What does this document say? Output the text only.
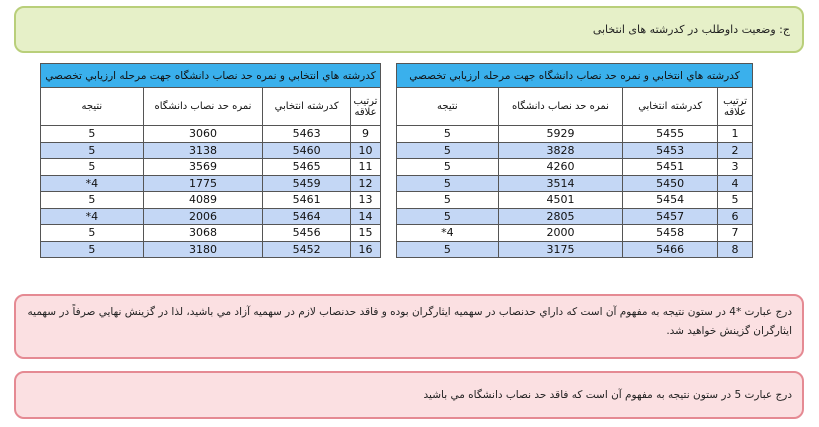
ج: وضعیت داوطلب در کدرشته های انتخابی
کدرشته هاي انتخابي و نمره حد نصاب دانشگاه جهت مرحله ارزيابي تخصصي			
ترتیب علاقه	کدرشته انتخابي	نمره حد نصاب دانشگاه	نتيجه
1	5455	5929	5
2	5453	3828	5
3	5451	4260	5
4	5450	3514	5
5	5454	4501	5
6	5457	2805	5
7	5458	2000	4*
8	5466	3175	5
کدرشته هاي انتخابي و نمره حد نصاب دانشگاه جهت مرحله ارزيابي تخصصي			
ترتیب علاقه	کدرشته انتخابي	نمره حد نصاب دانشگاه	نتيجه
9	5463	3060	5
10	5460	3138	5
11	5465	3569	5
12	5459	1775	4*
13	5461	4089	5
14	5464	2006	4*
15	5456	3068	5
16	5452	3180	5
درج عبارت *4 در ستون نتیجه به مفهوم آن است که داراي حدنصاب در سهميه ايثارگران بوده و فاقد حدنصاب لازم در سهميه آزاد مي باشيد، لذا در گزينش نهايي صرفاً در سهميه ايثارگران گزينش خواهيد شد.
درج عبارت 5 در ستون نتیجه به مفهوم آن است که فاقد حد نصاب دانشگاه مي باشيد
